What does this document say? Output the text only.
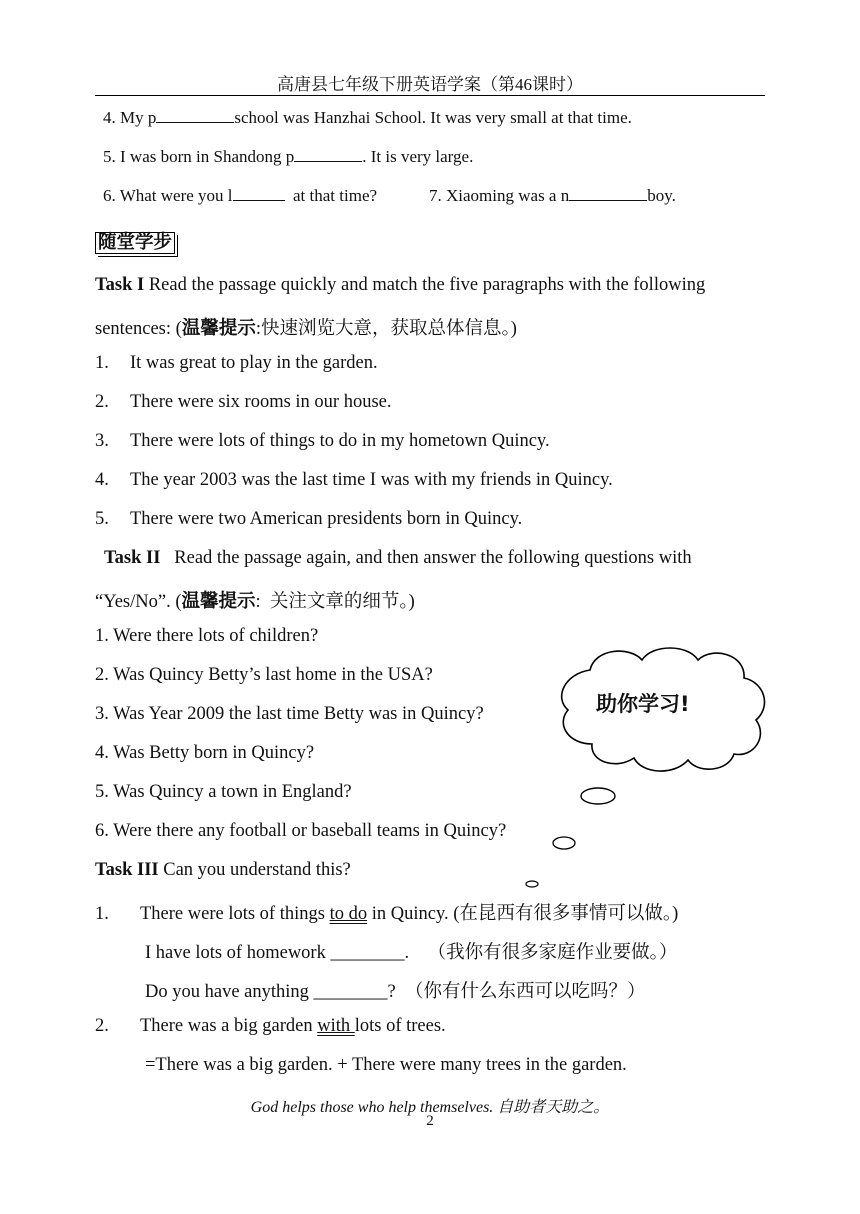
高唐县七年级下册英语学案（第46课时）
4. My p	school was Hanzhai School. It was very small at that time.
5. I was born in Shandong p	. It is very large.
6. What were you l	at that time?	7. Xiaoming was a n	boy.
随堂学步
Task I Read the passage quickly and match the five paragraphs with the following
sentences: (温馨提示:快速浏览大意，获取总体信息。)
1. It was great to play in the garden.
2. There were six rooms in our house.
3. There were lots of things to do in my hometown Quincy.
4. The year 2003 was the last time I was with my friends in Quincy.
5. There were two American presidents born in Quincy.
Task II   Read the passage again, and then answer the following questions with
“Yes/No”. (温馨提示:  关注文章的细节。)
1. Were there lots of children?
2. Was Quincy Betty’s last home in the USA?
3. Was Year 2009 the last time Betty was in Quincy?
4. Was Betty born in Quincy?
5. Was Quincy a town in England?
6. Were there any football or baseball teams in Quincy?
助你学习!
Task III Can you understand this?
1. There were lots of things to do in Quincy. (在昆西有很多事情可以做。)
I have lots of homework ________.    （我你有很多家庭作业要做。）
Do you have anything ________?  （你有什么东西可以吃吗？）
2. There was a big garden with lots of trees.
=There was a big garden. + There were many trees in the garden.
God helps those who help themselves. 自助者天助之。
2
